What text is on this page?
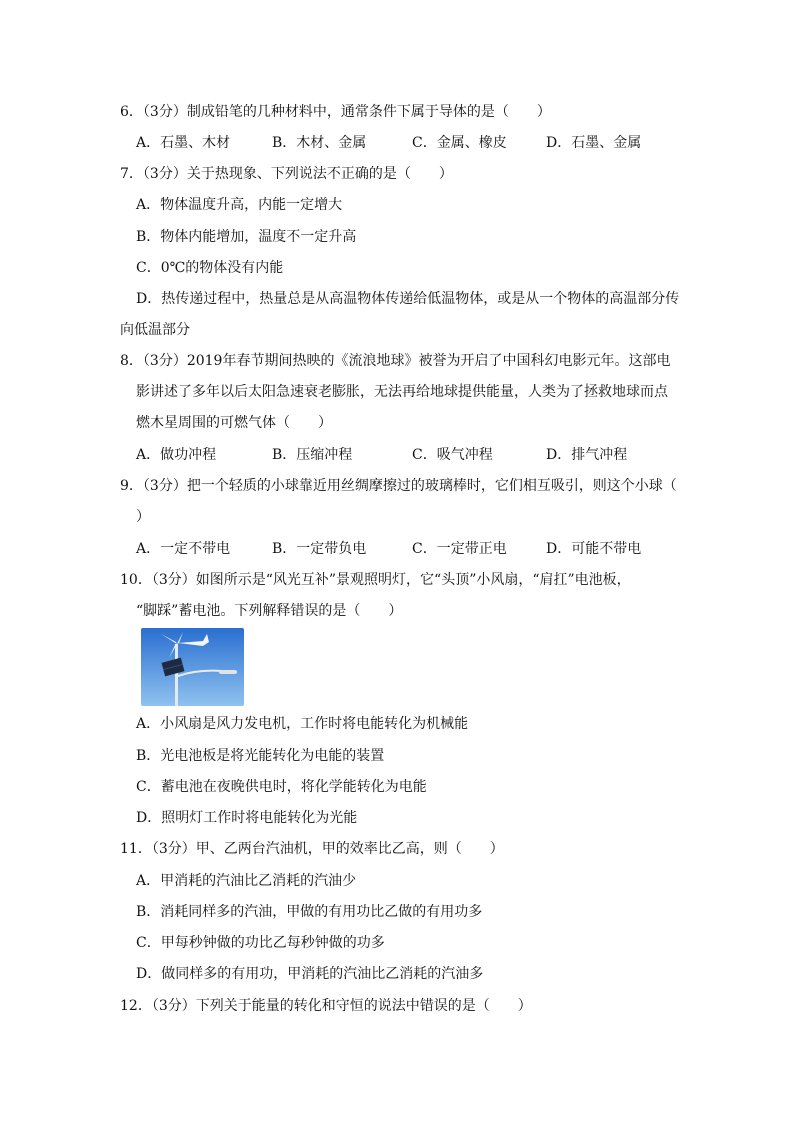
6．（3分）制成铅笔的几种材料中，通常条件下属于导体的是（　　）
A．石墨、木材	B．木材、金属	C．金属、橡皮	D．石墨、金属
7．（3分）关于热现象、下列说法不正确的是（　　）
A．物体温度升高，内能一定增大
B．物体内能增加，温度不一定升高
C．0℃的物体没有内能
D．热传递过程中，热量总是从高温物体传递给低温物体，或是从一个物体的高温部分传
向低温部分
8．（3分）2019年春节期间热映的《流浪地球》被誉为开启了中国科幻电影元年。这部电
影讲述了多年以后太阳急速衰老膨胀，无法再给地球提供能量，人类为了拯救地球而点
燃木星周围的可燃气体（　　）
A．做功冲程	B．压缩冲程	C．吸气冲程	D．排气冲程
9．（3分）把一个轻质的小球靠近用丝绸摩擦过的玻璃棒时，它们相互吸引，则这个小球（
）
A．一定不带电	B．一定带负电	C．一定带正电	D．可能不带电
10．（3分）如图所示是“风光互补”景观照明灯，它“头顶”小风扇，“肩扛”电池板，
“脚踩”蓄电池。下列解释错误的是（　　）
A．小风扇是风力发电机，工作时将电能转化为机械能
B．光电池板是将光能转化为电能的装置
C．蓄电池在夜晚供电时，将化学能转化为电能
D．照明灯工作时将电能转化为光能
11．（3分）甲、乙两台汽油机，甲的效率比乙高，则（　　）
A．甲消耗的汽油比乙消耗的汽油少
B．消耗同样多的汽油，甲做的有用功比乙做的有用功多
C．甲每秒钟做的功比乙每秒钟做的功多
D．做同样多的有用功，甲消耗的汽油比乙消耗的汽油多
12．（3分）下列关于能量的转化和守恒的说法中错误的是（　　）
